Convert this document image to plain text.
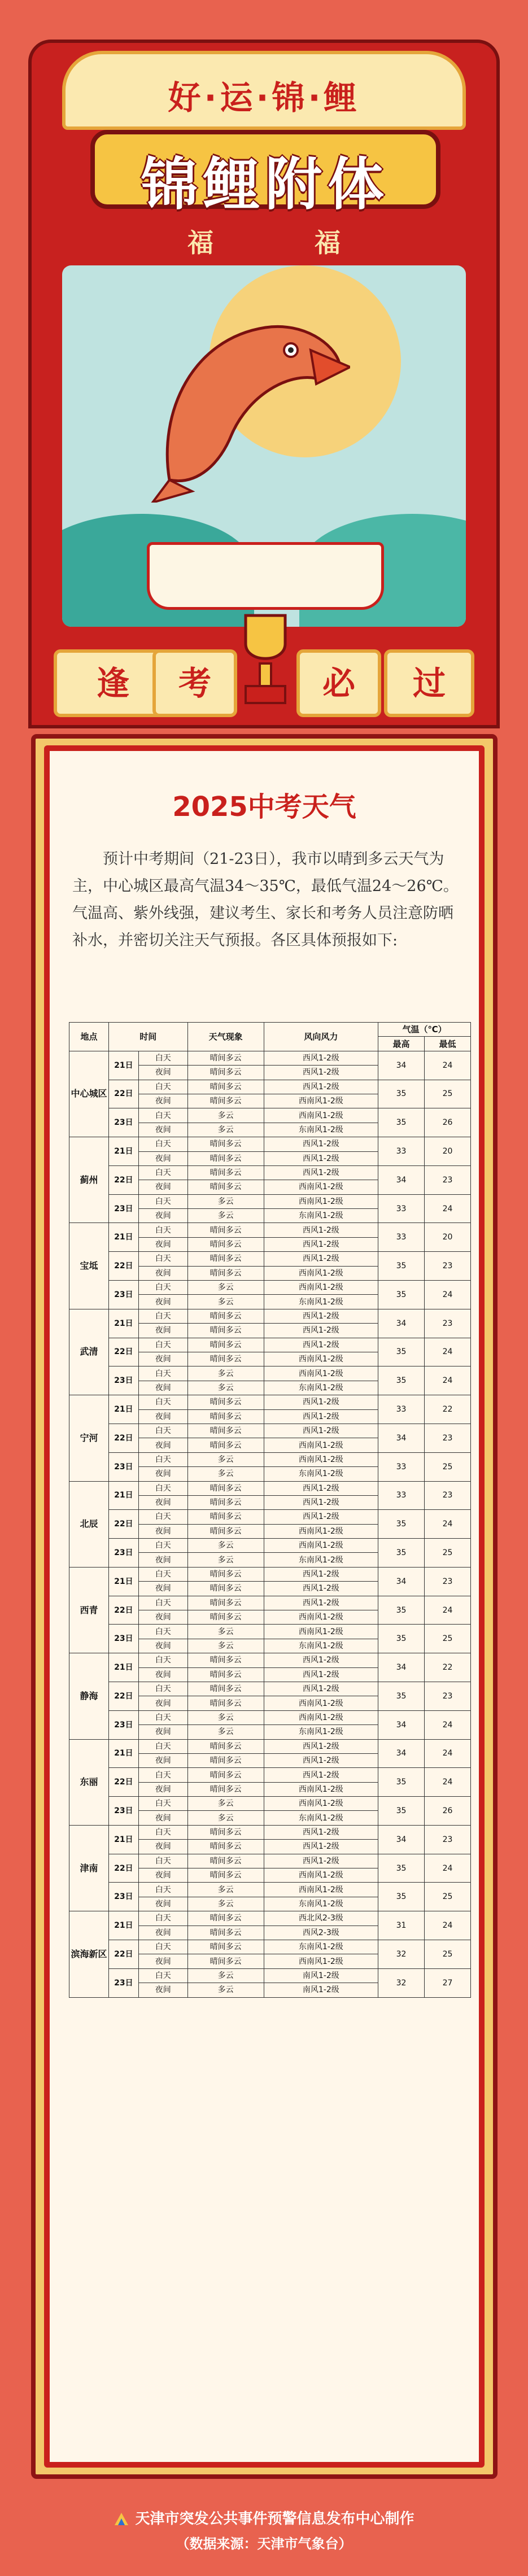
好·运·锦·鲤
锦鲤附体
福	福
逢	考	必	过
2025中考天气
预计中考期间（21-23日），我市以晴到多云天气为主，中心城区最高气温34～35℃，最低气温24～26℃。气温高、紫外线强，建议考生、家长和考务人员注意防晒补水，并密切关注天气预报。各区具体预报如下:
地点	时间		天气现象	风向风力	气温（℃）	
					最高	最低
中心城区	21日	白天	晴间多云	西风1-2级	34	24
		夜间	晴间多云	西风1-2级		
	22日	白天	晴间多云	西风1-2级	35	25
		夜间	晴间多云	西南风1-2级		
	23日	白天	多云	西南风1-2级	35	26
		夜间	多云	东南风1-2级		
蓟州	21日	白天	晴间多云	西风1-2级	33	20
		夜间	晴间多云	西风1-2级		
	22日	白天	晴间多云	西风1-2级	34	23
		夜间	晴间多云	西南风1-2级		
	23日	白天	多云	西南风1-2级	33	24
		夜间	多云	东南风1-2级		
宝坻	21日	白天	晴间多云	西风1-2级	33	20
		夜间	晴间多云	西风1-2级		
	22日	白天	晴间多云	西风1-2级	35	23
		夜间	晴间多云	西南风1-2级		
	23日	白天	多云	西南风1-2级	35	24
		夜间	多云	东南风1-2级		
武清	21日	白天	晴间多云	西风1-2级	34	23
		夜间	晴间多云	西风1-2级		
	22日	白天	晴间多云	西风1-2级	35	24
		夜间	晴间多云	西南风1-2级		
	23日	白天	多云	西南风1-2级	35	24
		夜间	多云	东南风1-2级		
宁河	21日	白天	晴间多云	西风1-2级	33	22
		夜间	晴间多云	西风1-2级		
	22日	白天	晴间多云	西风1-2级	34	23
		夜间	晴间多云	西南风1-2级		
	23日	白天	多云	西南风1-2级	33	25
		夜间	多云	东南风1-2级		
北辰	21日	白天	晴间多云	西风1-2级	33	23
		夜间	晴间多云	西风1-2级		
	22日	白天	晴间多云	西风1-2级	35	24
		夜间	晴间多云	西南风1-2级		
	23日	白天	多云	西南风1-2级	35	25
		夜间	多云	东南风1-2级		
西青	21日	白天	晴间多云	西风1-2级	34	23
		夜间	晴间多云	西风1-2级		
	22日	白天	晴间多云	西风1-2级	35	24
		夜间	晴间多云	西南风1-2级		
	23日	白天	多云	西南风1-2级	35	25
		夜间	多云	东南风1-2级		
静海	21日	白天	晴间多云	西风1-2级	34	22
		夜间	晴间多云	西风1-2级		
	22日	白天	晴间多云	西风1-2级	35	23
		夜间	晴间多云	西南风1-2级		
	23日	白天	多云	西南风1-2级	34	24
		夜间	多云	东南风1-2级		
东丽	21日	白天	晴间多云	西风1-2级	34	24
		夜间	晴间多云	西风1-2级		
	22日	白天	晴间多云	西风1-2级	35	24
		夜间	晴间多云	西南风1-2级		
	23日	白天	多云	西南风1-2级	35	26
		夜间	多云	东南风1-2级		
津南	21日	白天	晴间多云	西风1-2级	34	23
		夜间	晴间多云	西风1-2级		
	22日	白天	晴间多云	西风1-2级	35	24
		夜间	晴间多云	西南风1-2级		
	23日	白天	多云	西南风1-2级	35	25
		夜间	多云	东南风1-2级		
滨海新区	21日	白天	晴间多云	西北风2-3级	31	24
		夜间	晴间多云	西风2-3级		
	22日	白天	晴间多云	东南风1-2级	32	25
		夜间	晴间多云	西南风1-2级		
	23日	白天	多云	南风1-2级	32	27
		夜间	多云	南风1-2级		
天津市突发公共事件预警信息发布中心制作
（数据来源：天津市气象台）
